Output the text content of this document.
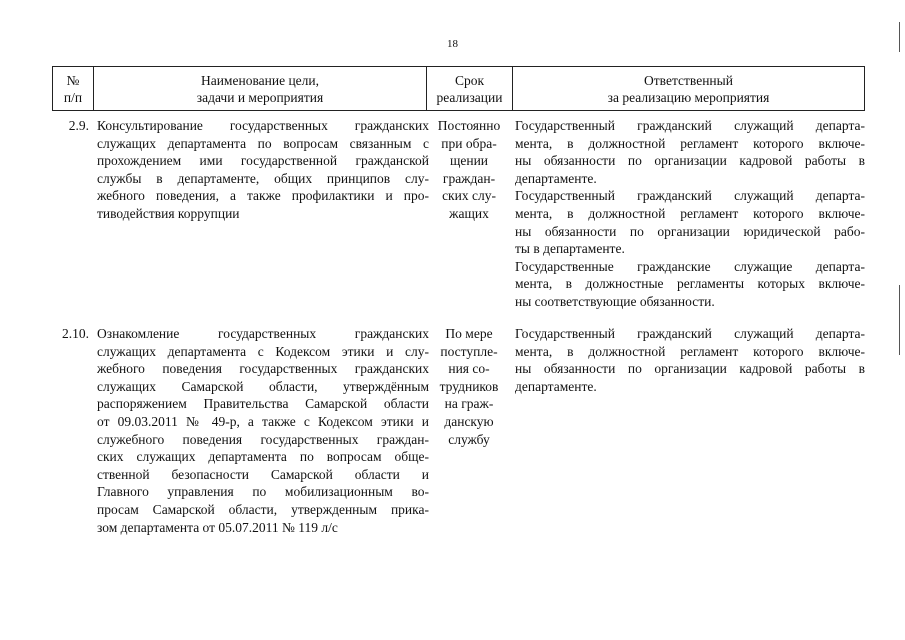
18
№
п/п
Наименование цели,
задачи и мероприятия
Срок
реализации
Ответственный
за реализацию мероприятия
2.9. Консультирование государственных гражданских
служащих департамента по вопросам связанным с
прохождением ими государственной гражданской
службы в департаменте, общих принципов слу-
жебного поведения, а также профилактики и про-
тиводействия коррупции
Постоянно
при обра-
щении
граждан-
ских слу-
жащих
Государственный гражданский служащий департа-
мента, в должностной регламент которого включе-
ны обязанности по организации кадровой работы в
департаменте.
Государственный гражданский служащий департа-
мента, в должностной регламент которого включе-
ны обязанности по организации юридической рабо-
ты в департаменте.
Государственные гражданские служащие департа-
мента, в должностные регламенты которых включе-
ны соответствующие обязанности.
2.10. Ознакомление государственных гражданских
служащих департамента с Кодексом этики и слу-
жебного поведения государственных гражданских
служащих Самарской области, утверждённым
распоряжением Правительства Самарской области
от 09.03.2011 № 49-р, а также с Кодексом этики и
служебного поведения государственных граждан-
ских служащих департамента по вопросам обще-
ственной безопасности Самарской области и
Главного управления по мобилизационным во-
просам Самарской области, утвержденным прика-
зом департамента от 05.07.2011 № 119 л/с
По мере
поступле-
ния со-
трудников
на граж-
данскую
службу
Государственный гражданский служащий департа-
мента, в должностной регламент которого включе-
ны обязанности по организации кадровой работы в
департаменте.
